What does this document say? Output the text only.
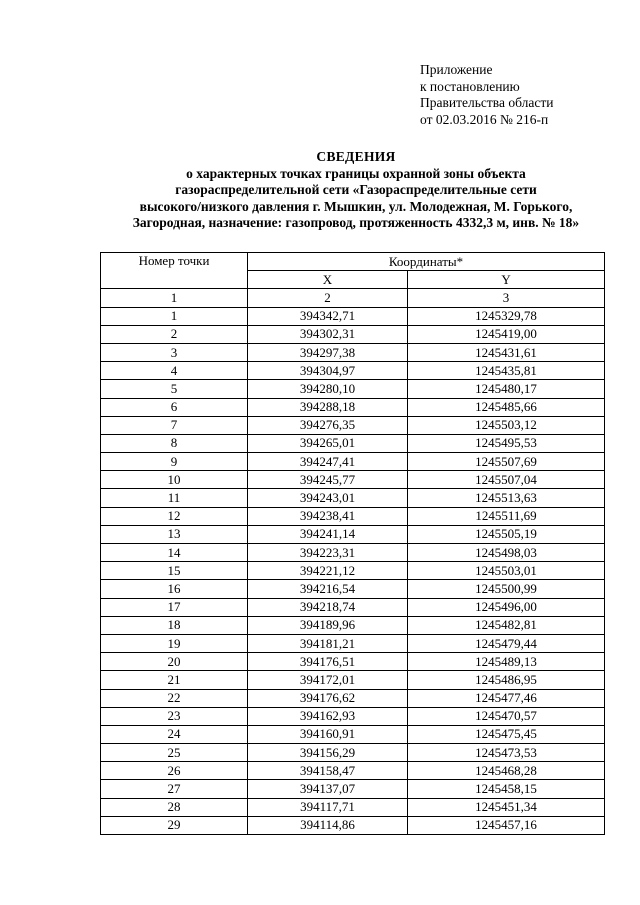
Приложение
к постановлению
Правительства области
от 02.03.2016 № 216-п
СВЕДЕНИЯ
о характерных точках границы охранной зоны объекта
газораспределительной сети «Газораспределительные сети
высокого/низкого давления г. Мышкин, ул. Молодежная, М. Горького,
Загородная, назначение: газопровод, протяженность 4332,3 м, инв. № 18»
Номер точки	Координаты*	
	X	Y
1	2	3
1	394342,71	1245329,78
2	394302,31	1245419,00
3	394297,38	1245431,61
4	394304,97	1245435,81
5	394280,10	1245480,17
6	394288,18	1245485,66
7	394276,35	1245503,12
8	394265,01	1245495,53
9	394247,41	1245507,69
10	394245,77	1245507,04
11	394243,01	1245513,63
12	394238,41	1245511,69
13	394241,14	1245505,19
14	394223,31	1245498,03
15	394221,12	1245503,01
16	394216,54	1245500,99
17	394218,74	1245496,00
18	394189,96	1245482,81
19	394181,21	1245479,44
20	394176,51	1245489,13
21	394172,01	1245486,95
22	394176,62	1245477,46
23	394162,93	1245470,57
24	394160,91	1245475,45
25	394156,29	1245473,53
26	394158,47	1245468,28
27	394137,07	1245458,15
28	394117,71	1245451,34
29	394114,86	1245457,16
